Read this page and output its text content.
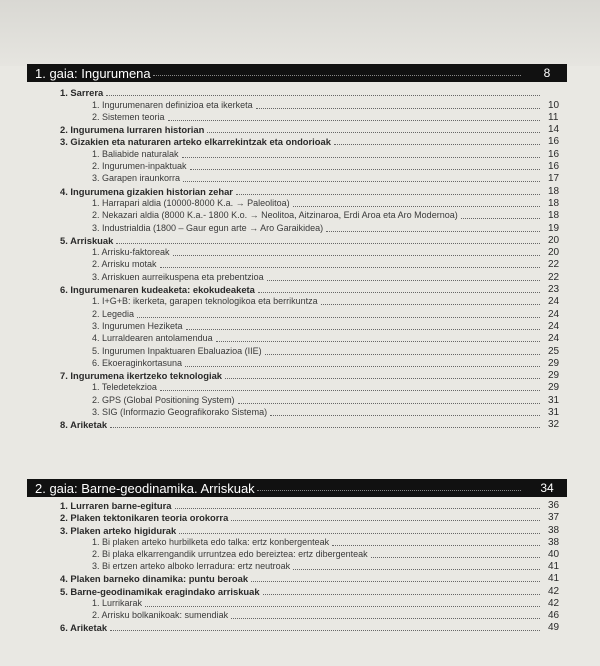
1. gaia: Ingurumena	8
1. Sarrera
1. Ingurumenaren definizioa eta ikerketa	10
2. Sistemen teoria	11
2. Ingurumena lurraren historian	14
3. Gizakien eta naturaren arteko elkarrekintzak eta ondorioak	16
1. Baliabide naturalak	16
2. Ingurumen-inpaktuak	16
3. Garapen iraunkorra	17
4. Ingurumena gizakien historian zehar	18
1. Harrapari aldia (10000-8000 K.a. → Paleolitoa)	18
2. Nekazari aldia (8000 K.a.- 1800 K.o. → Neolitoa, Aitzinaroa, Erdi Aroa eta Aro Modernoa)	18
3. Industrialdia (1800 – Gaur egun arte → Aro Garaikidea)	19
5. Arriskuak	20
1. Arrisku-faktoreak	20
2. Arrisku motak	22
3. Arriskuen aurreikuspena eta prebentzioa	22
6. Ingurumenaren kudeaketa: ekokudeaketa	23
1. I+G+B: ikerketa, garapen teknologikoa eta berrikuntza	24
2. Legedia	24
3. Ingurumen Heziketa	24
4. Lurraldearen antolamendua	24
5. Ingurumen Inpaktuaren Ebaluazioa (IIE)	25
6. Ekoeraginkortasuna	29
7. Ingurumena ikertzeko teknologiak	29
1. Teledetekzioa	29
2. GPS (Global Positioning System)	31
3. SIG (Informazio Geografikorako Sistema)	31
8. Ariketak	32
2. gaia: Barne-geodinamika. Arriskuak	34
1. Lurraren barne-egitura	36
2. Plaken tektonikaren teoria orokorra	37
3. Plaken arteko higidurak	38
1. Bi plaken arteko hurbilketa edo talka: ertz konbergenteak	38
2. Bi plaka elkarrengandik urruntzea edo bereiztea: ertz dibergenteak	40
3. Bi ertzen arteko alboko lerradura: ertz neutroak	41
4. Plaken barneko dinamika: puntu beroak	41
5. Barne-geodinamikak eragindako arriskuak	42
1. Lurrikarak	42
2. Arrisku bolkanikoak: sumendiak	46
6. Ariketak	49
